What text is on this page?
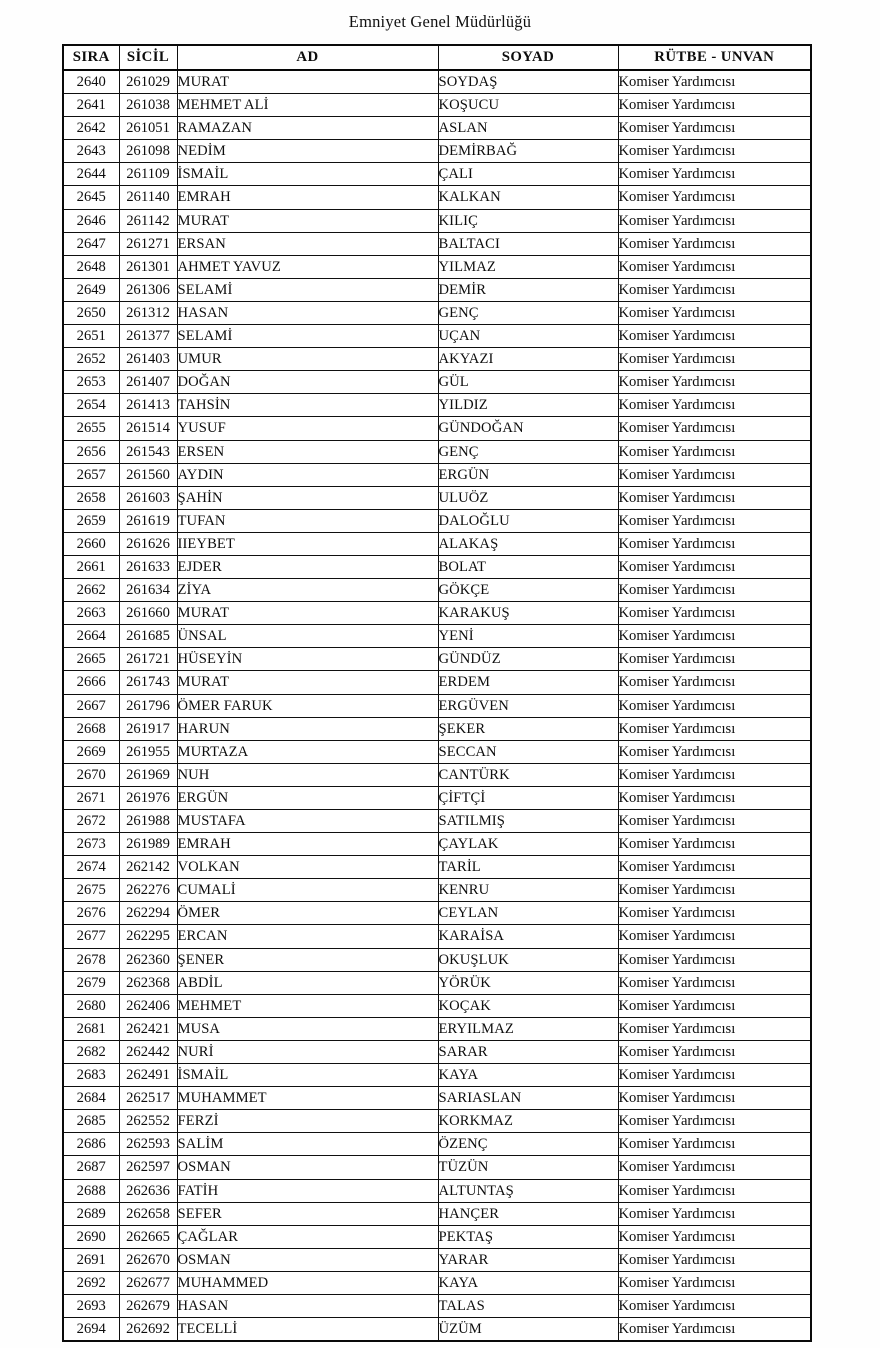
Emniyet Genel Müdürlüğü
SIRA	SİCİL	AD	SOYAD	RÜTBE - UNVAN
2640	261029	MURAT	SOYDAŞ	Komiser Yardımcısı
2641	261038	MEHMET ALİ	KOŞUCU	Komiser Yardımcısı
2642	261051	RAMAZAN	ASLAN	Komiser Yardımcısı
2643	261098	NEDİM	DEMİRBAĞ	Komiser Yardımcısı
2644	261109	İSMAİL	ÇALI	Komiser Yardımcısı
2645	261140	EMRAH	KALKAN	Komiser Yardımcısı
2646	261142	MURAT	KILIÇ	Komiser Yardımcısı
2647	261271	ERSAN	BALTACI	Komiser Yardımcısı
2648	261301	AHMET YAVUZ	YILMAZ	Komiser Yardımcısı
2649	261306	SELAMİ	DEMİR	Komiser Yardımcısı
2650	261312	HASAN	GENÇ	Komiser Yardımcısı
2651	261377	SELAMİ	UÇAN	Komiser Yardımcısı
2652	261403	UMUR	AKYAZI	Komiser Yardımcısı
2653	261407	DOĞAN	GÜL	Komiser Yardımcısı
2654	261413	TAHSİN	YILDIZ	Komiser Yardımcısı
2655	261514	YUSUF	GÜNDOĞAN	Komiser Yardımcısı
2656	261543	ERSEN	GENÇ	Komiser Yardımcısı
2657	261560	AYDIN	ERGÜN	Komiser Yardımcısı
2658	261603	ŞAHİN	ULUÖZ	Komiser Yardımcısı
2659	261619	TUFAN	DALOĞLU	Komiser Yardımcısı
2660	261626	IIEYBET	ALAKAŞ	Komiser Yardımcısı
2661	261633	EJDER	BOLAT	Komiser Yardımcısı
2662	261634	ZİYA	GÖKÇE	Komiser Yardımcısı
2663	261660	MURAT	KARAKUŞ	Komiser Yardımcısı
2664	261685	ÜNSAL	YENİ	Komiser Yardımcısı
2665	261721	HÜSEYİN	GÜNDÜZ	Komiser Yardımcısı
2666	261743	MURAT	ERDEM	Komiser Yardımcısı
2667	261796	ÖMER FARUK	ERGÜVEN	Komiser Yardımcısı
2668	261917	HARUN	ŞEKER	Komiser Yardımcısı
2669	261955	MURTAZA	SECCAN	Komiser Yardımcısı
2670	261969	NUH	CANTÜRK	Komiser Yardımcısı
2671	261976	ERGÜN	ÇİFTÇİ	Komiser Yardımcısı
2672	261988	MUSTAFA	SATILMIŞ	Komiser Yardımcısı
2673	261989	EMRAH	ÇAYLAK	Komiser Yardımcısı
2674	262142	VOLKAN	TARİL	Komiser Yardımcısı
2675	262276	CUMALİ	KENRU	Komiser Yardımcısı
2676	262294	ÖMER	CEYLAN	Komiser Yardımcısı
2677	262295	ERCAN	KARAİSA	Komiser Yardımcısı
2678	262360	ŞENER	OKUŞLUK	Komiser Yardımcısı
2679	262368	ABDİL	YÖRÜK	Komiser Yardımcısı
2680	262406	MEHMET	KOÇAK	Komiser Yardımcısı
2681	262421	MUSA	ERYILMAZ	Komiser Yardımcısı
2682	262442	NURİ	SARAR	Komiser Yardımcısı
2683	262491	İSMAİL	KAYA	Komiser Yardımcısı
2684	262517	MUHAMMET	SARIASLAN	Komiser Yardımcısı
2685	262552	FERZİ	KORKMAZ	Komiser Yardımcısı
2686	262593	SALİM	ÖZENÇ	Komiser Yardımcısı
2687	262597	OSMAN	TÜZÜN	Komiser Yardımcısı
2688	262636	FATİH	ALTUNTAŞ	Komiser Yardımcısı
2689	262658	SEFER	HANÇER	Komiser Yardımcısı
2690	262665	ÇAĞLAR	PEKTAŞ	Komiser Yardımcısı
2691	262670	OSMAN	YARAR	Komiser Yardımcısı
2692	262677	MUHAMMED	KAYA	Komiser Yardımcısı
2693	262679	HASAN	TALAS	Komiser Yardımcısı
2694	262692	TECELLİ	ÜZÜM	Komiser Yardımcısı
